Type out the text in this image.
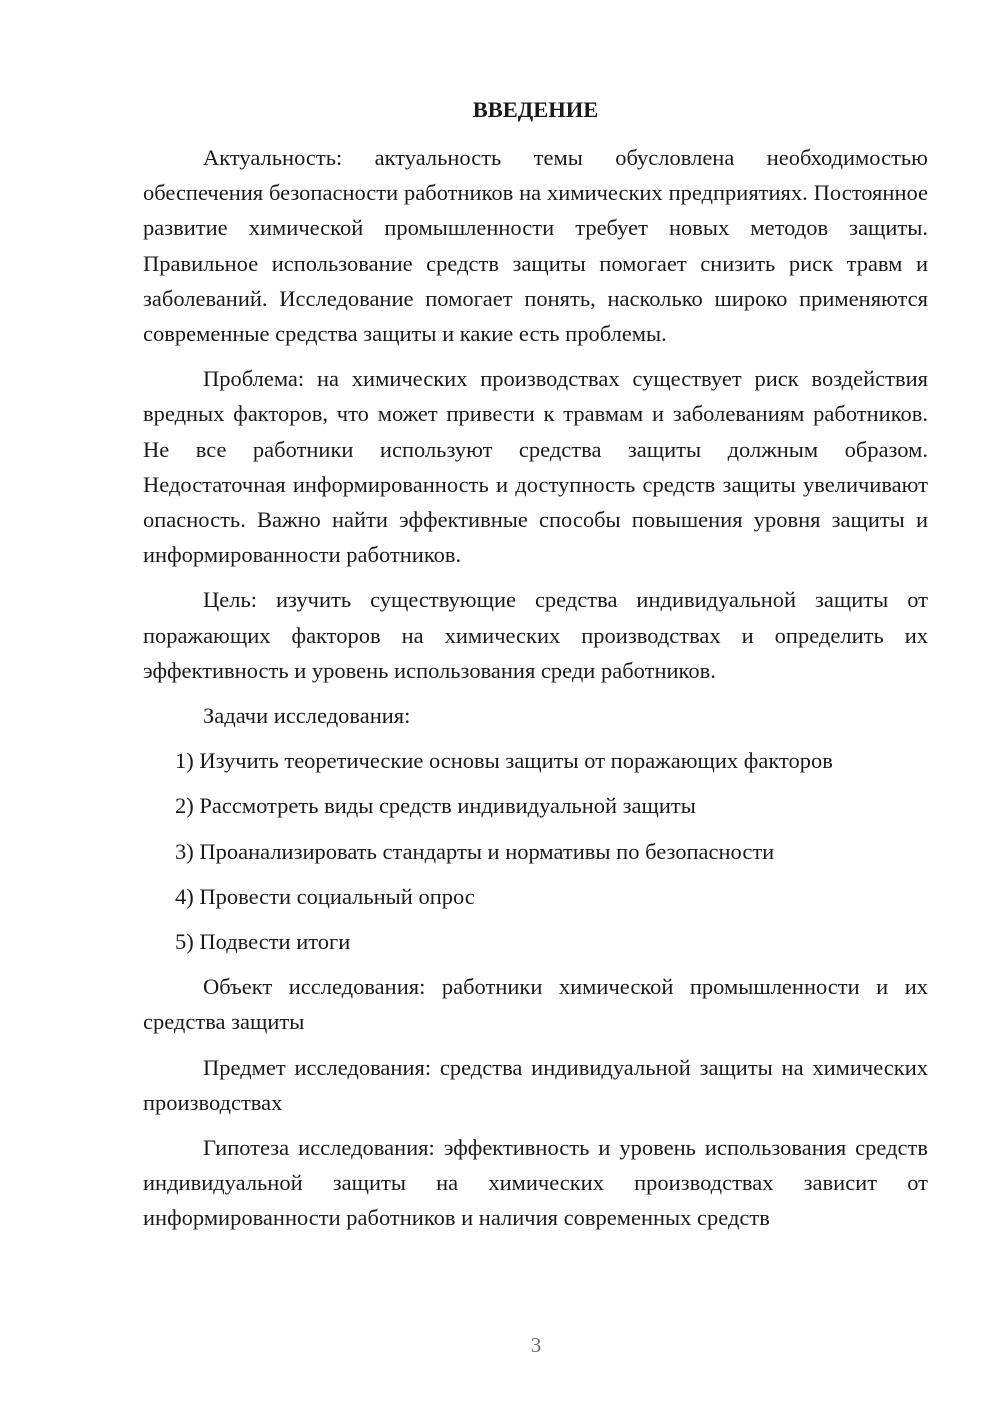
ВВЕДЕНИЕ

Актуальность: актуальность темы обусловлена необходимостью обеспечения безопасности работников на химических предприятиях. Постоянное развитие химической промышленности требует новых методов защиты. Правильное использование средств защиты помогает снизить риск травм и заболеваний. Исследование помогает понять, насколько широко применяются современные средства защиты и какие есть проблемы.

Проблема: на химических производствах существует риск воздействия вредных факторов, что может привести к травмам и заболеваниям работников. Не все работники используют средства защиты должным образом. Недостаточная информированность и доступность средств защиты увеличивают опасность. Важно найти эффективные способы повышения уровня защиты и информированности работников.

Цель: изучить существующие средства индивидуальной защиты от поражающих факторов на химических производствах и определить их эффективность и уровень использования среди работников.

Задачи исследования:

1) Изучить теоретические основы защиты от поражающих факторов
2) Рассмотреть виды средств индивидуальной защиты
3) Проанализировать стандарты и нормативы по безопасности
4) Провести социальный опрос
5) Подвести итоги

Объект исследования: работники химической промышленности и их средства защиты

Предмет исследования: средства индивидуальной защиты на химических производствах

Гипотеза исследования: эффективность и уровень использования средств индивидуальной защиты на химических производствах зависит от информированности работников и наличия современных средств

3
